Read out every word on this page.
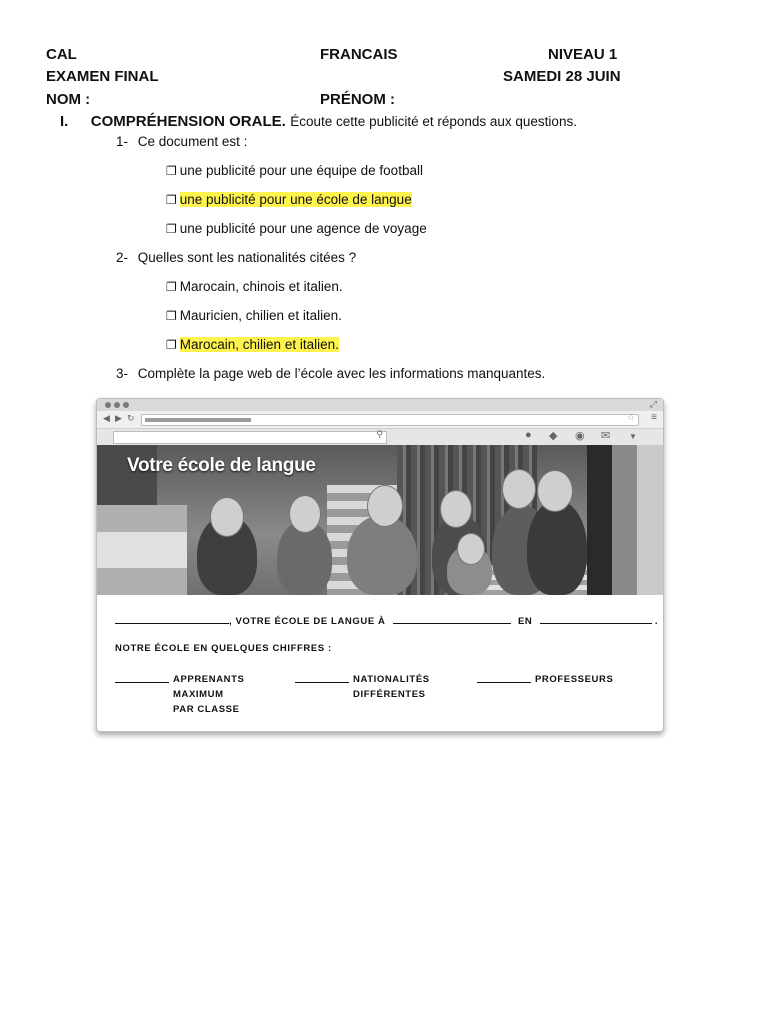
CAL	FRANCAIS	NIVEAU 1
EXAMEN FINAL	SAMEDI 28 JUIN
NOM :	PRÉNOM :
I. COMPRÉHENSION ORALE. Écoute cette publicité et réponds aux questions.
1- Ce document est :
❐ une publicité pour une équipe de football
❐ une publicité pour une école de langue
❐ une publicité pour une agence de voyage
2- Quelles sont les nationalités citées ?
❐ Marocain, chinois et italien.
❐ Mauricien, chilien et italien.
❐ Marocain, chilien et italien.
3- Complète la page web de l’école avec les informations manquantes.
⤢
◀ ▶ ↻	☆ ≡
⚲	● ◆ ◉ ✉ ▼
Votre école de langue
, VOTRE ÉCOLE DE LANGUE À	EN	.
NOTRE ÉCOLE EN QUELQUES CHIFFRES :
APPRENANTS
MAXIMUM
PAR CLASSE
NATIONALITÉS
DIFFÉRENTES
PROFESSEURS
